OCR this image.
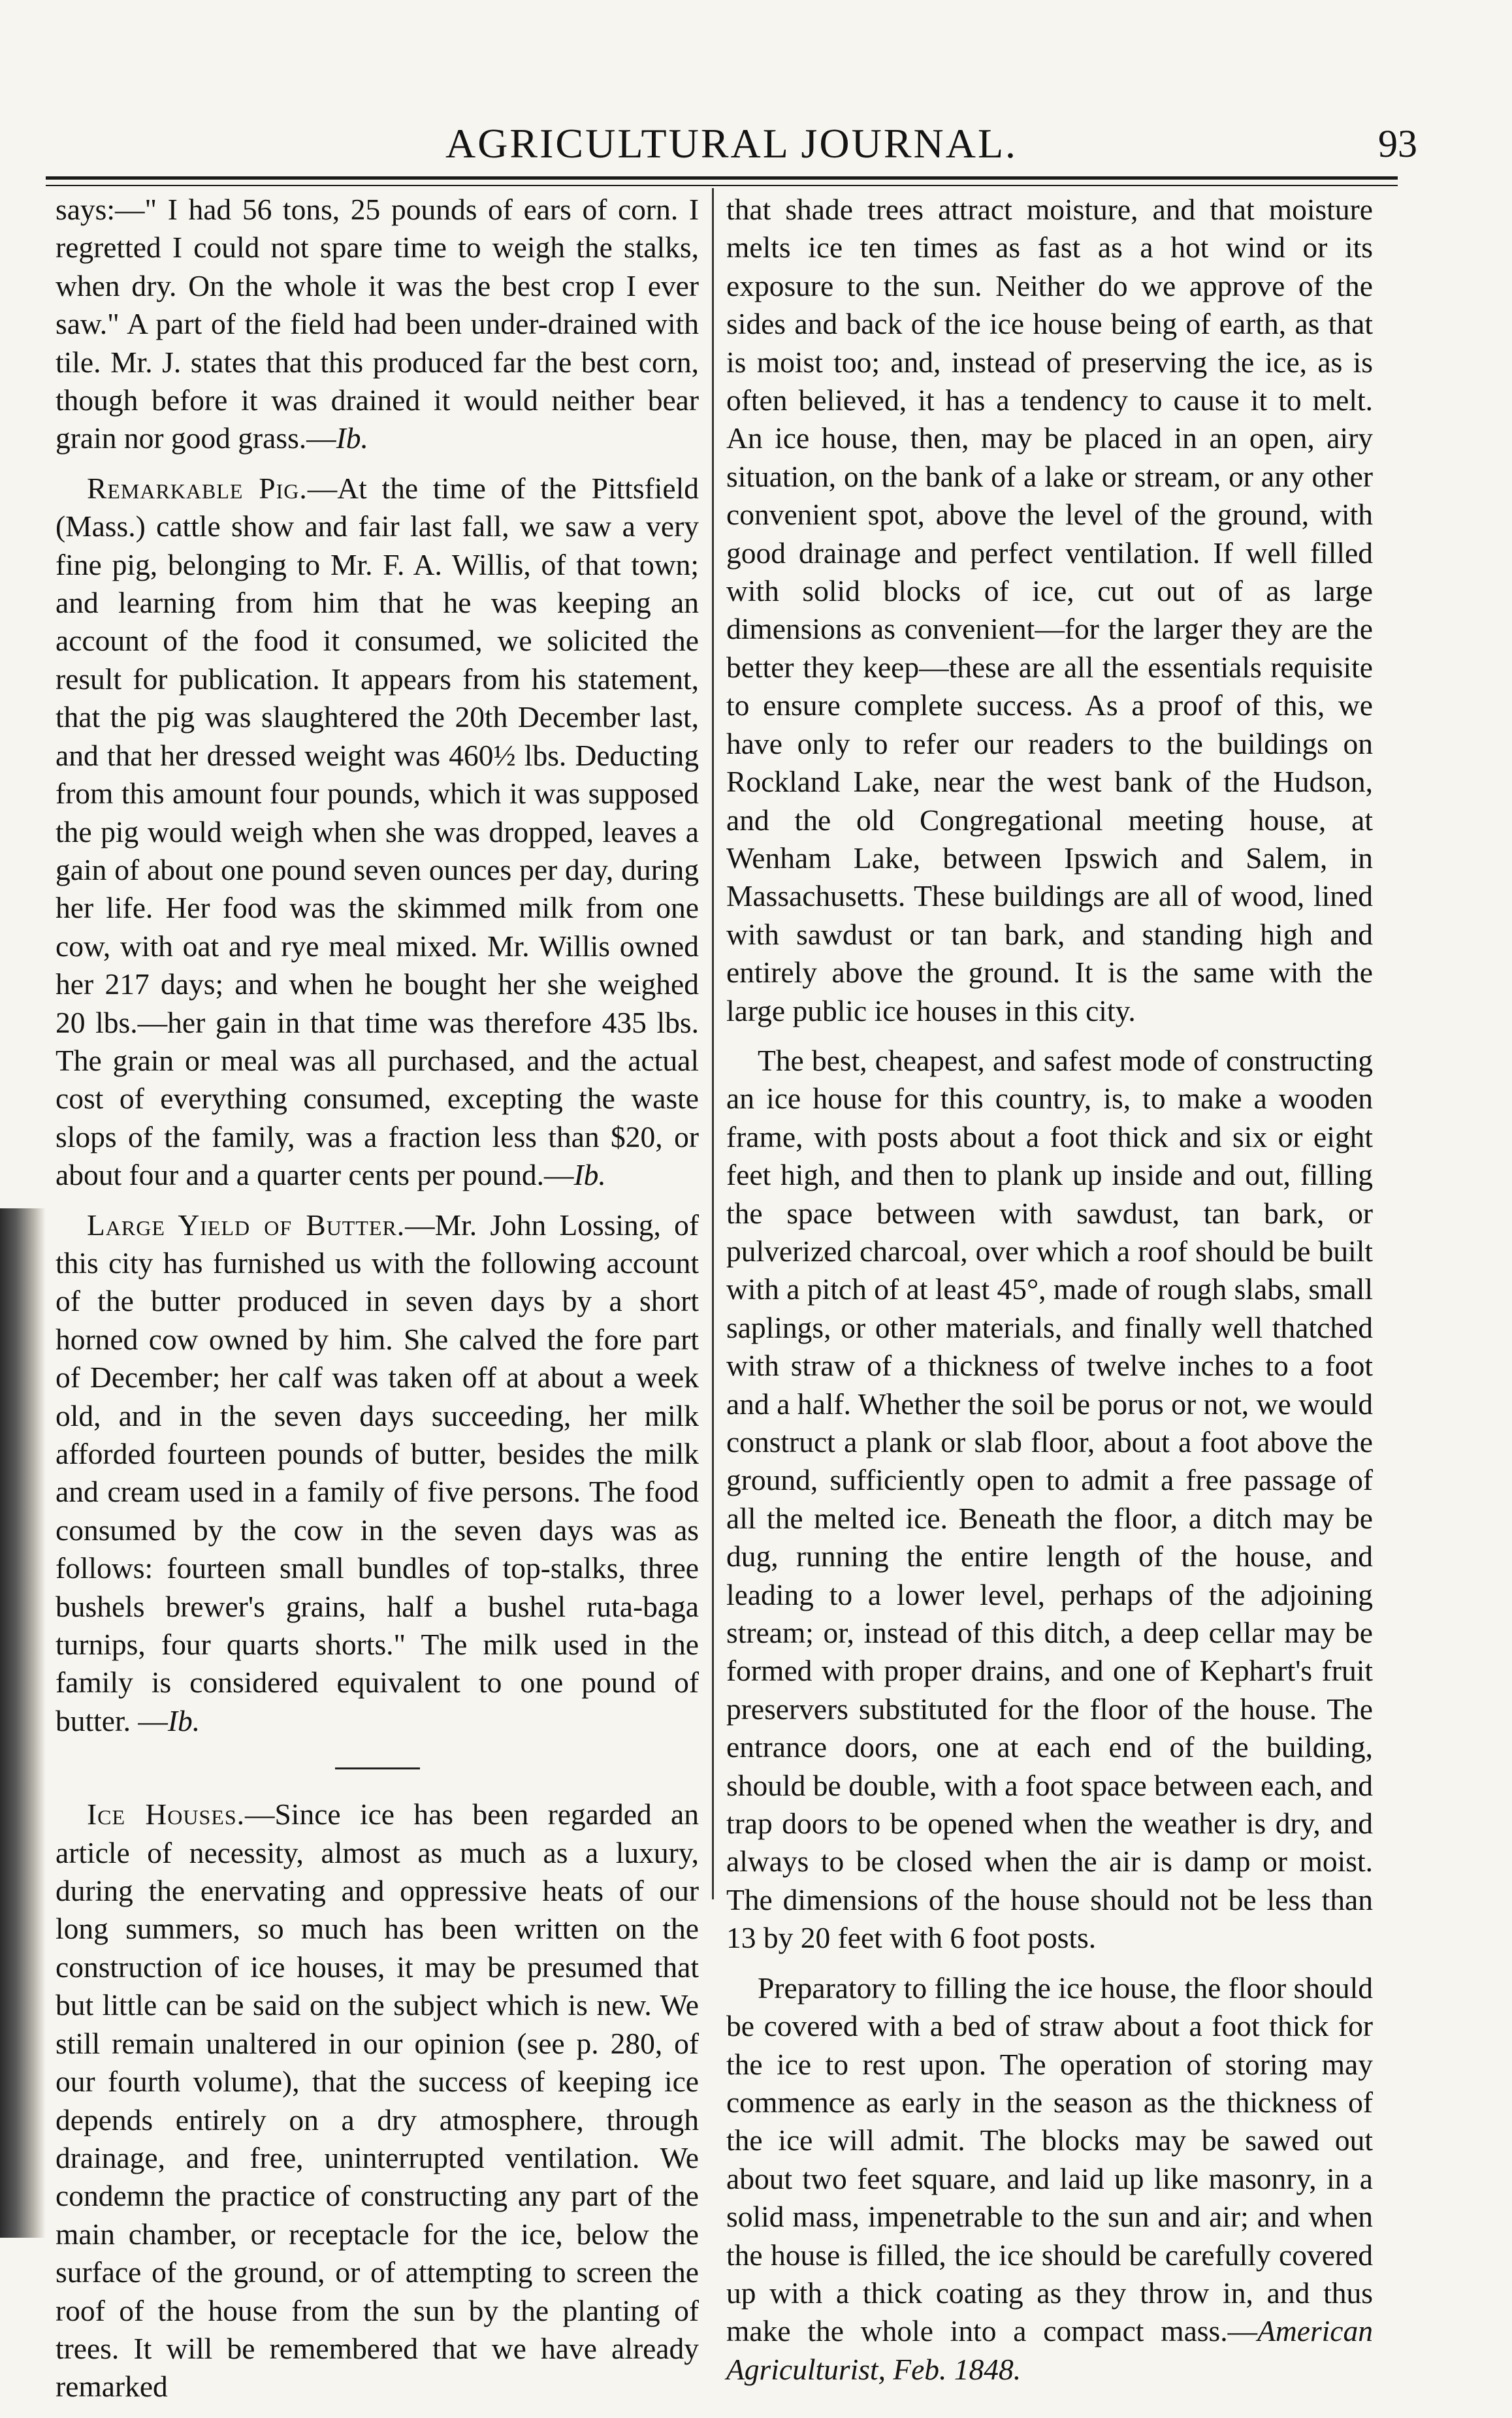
AGRICULTURAL JOURNAL.	93

says:—" I had 56 tons, 25 pounds of ears of corn. I regretted I could not spare time to weigh the stalks, when dry. On the whole it was the best crop I ever saw." A part of the field had been under-drained with tile. Mr. J. states that this produced far the best corn, though before it was drained it would neither bear grain nor good grass.—Ib.

Remarkable Pig.—At the time of the Pittsfield (Mass.) cattle show and fair last fall, we saw a very fine pig, belonging to Mr. F. A. Willis, of that town; and learning from him that he was keeping an account of the food it consumed, we solicited the result for publication. It appears from his statement, that the pig was slaughtered the 20th December last, and that her dressed weight was 460½ lbs. Deducting from this amount four pounds, which it was supposed the pig would weigh when she was dropped, leaves a gain of about one pound seven ounces per day, during her life. Her food was the skimmed milk from one cow, with oat and rye meal mixed. Mr. Willis owned her 217 days; and when he bought her she weighed 20 lbs.—her gain in that time was therefore 435 lbs. The grain or meal was all purchased, and the actual cost of everything consumed, excepting the waste slops of the family, was a fraction less than $20, or about four and a quarter cents per pound.—Ib.

Large Yield of Butter.—Mr. John Lossing, of this city has furnished us with the following account of the butter produced in seven days by a short horned cow owned by him. She calved the fore part of December; her calf was taken off at about a week old, and in the seven days succeeding, her milk afforded fourteen pounds of butter, besides the milk and cream used in a family of five persons. The food consumed by the cow in the seven days was as follows: fourteen small bundles of top-stalks, three bushels brewer's grains, half a bushel ruta-baga turnips, four quarts shorts." The milk used in the family is considered equivalent to one pound of butter. —Ib.

Ice Houses.—Since ice has been regarded an article of necessity, almost as much as a luxury, during the enervating and oppressive heats of our long summers, so much has been written on the construction of ice houses, it may be presumed that but little can be said on the subject which is new. We still remain unaltered in our opinion (see p. 280, of our fourth volume), that the success of keeping ice depends entirely on a dry atmosphere, through drainage, and free, uninterrupted ventilation. We condemn the practice of constructing any part of the main chamber, or receptacle for the ice, below the surface of the ground, or of attempting to screen the roof of the house from the sun by the planting of trees. It will be remembered that we have already remarked

that shade trees attract moisture, and that moisture melts ice ten times as fast as a hot wind or its exposure to the sun. Neither do we approve of the sides and back of the ice house being of earth, as that is moist too; and, instead of preserving the ice, as is often believed, it has a tendency to cause it to melt. An ice house, then, may be placed in an open, airy situation, on the bank of a lake or stream, or any other convenient spot, above the level of the ground, with good drainage and perfect ventilation. If well filled with solid blocks of ice, cut out of as large dimensions as convenient—for the larger they are the better they keep—these are all the essentials requisite to ensure complete success. As a proof of this, we have only to refer our readers to the buildings on Rockland Lake, near the west bank of the Hudson, and the old Congregational meeting house, at Wenham Lake, between Ipswich and Salem, in Massachusetts. These buildings are all of wood, lined with sawdust or tan bark, and standing high and entirely above the ground. It is the same with the large public ice houses in this city.

The best, cheapest, and safest mode of constructing an ice house for this country, is, to make a wooden frame, with posts about a foot thick and six or eight feet high, and then to plank up inside and out, filling the space between with sawdust, tan bark, or pulverized charcoal, over which a roof should be built with a pitch of at least 45°, made of rough slabs, small saplings, or other materials, and finally well thatched with straw of a thickness of twelve inches to a foot and a half. Whether the soil be porus or not, we would construct a plank or slab floor, about a foot above the ground, sufficiently open to admit a free passage of all the melted ice. Beneath the floor, a ditch may be dug, running the entire length of the house, and leading to a lower level, perhaps of the adjoining stream; or, instead of this ditch, a deep cellar may be formed with proper drains, and one of Kephart's fruit preservers substituted for the floor of the house. The entrance doors, one at each end of the building, should be double, with a foot space between each, and trap doors to be opened when the weather is dry, and always to be closed when the air is damp or moist. The dimensions of the house should not be less than 13 by 20 feet with 6 foot posts.

Preparatory to filling the ice house, the floor should be covered with a bed of straw about a foot thick for the ice to rest upon. The operation of storing may commence as early in the season as the thickness of the ice will admit. The blocks may be sawed out about two feet square, and laid up like masonry, in a solid mass, impenetrable to the sun and air; and when the house is filled, the ice should be carefully covered up with a thick coating as they throw in, and thus make the whole into a compact mass.—American Agriculturist, Feb. 1848.
